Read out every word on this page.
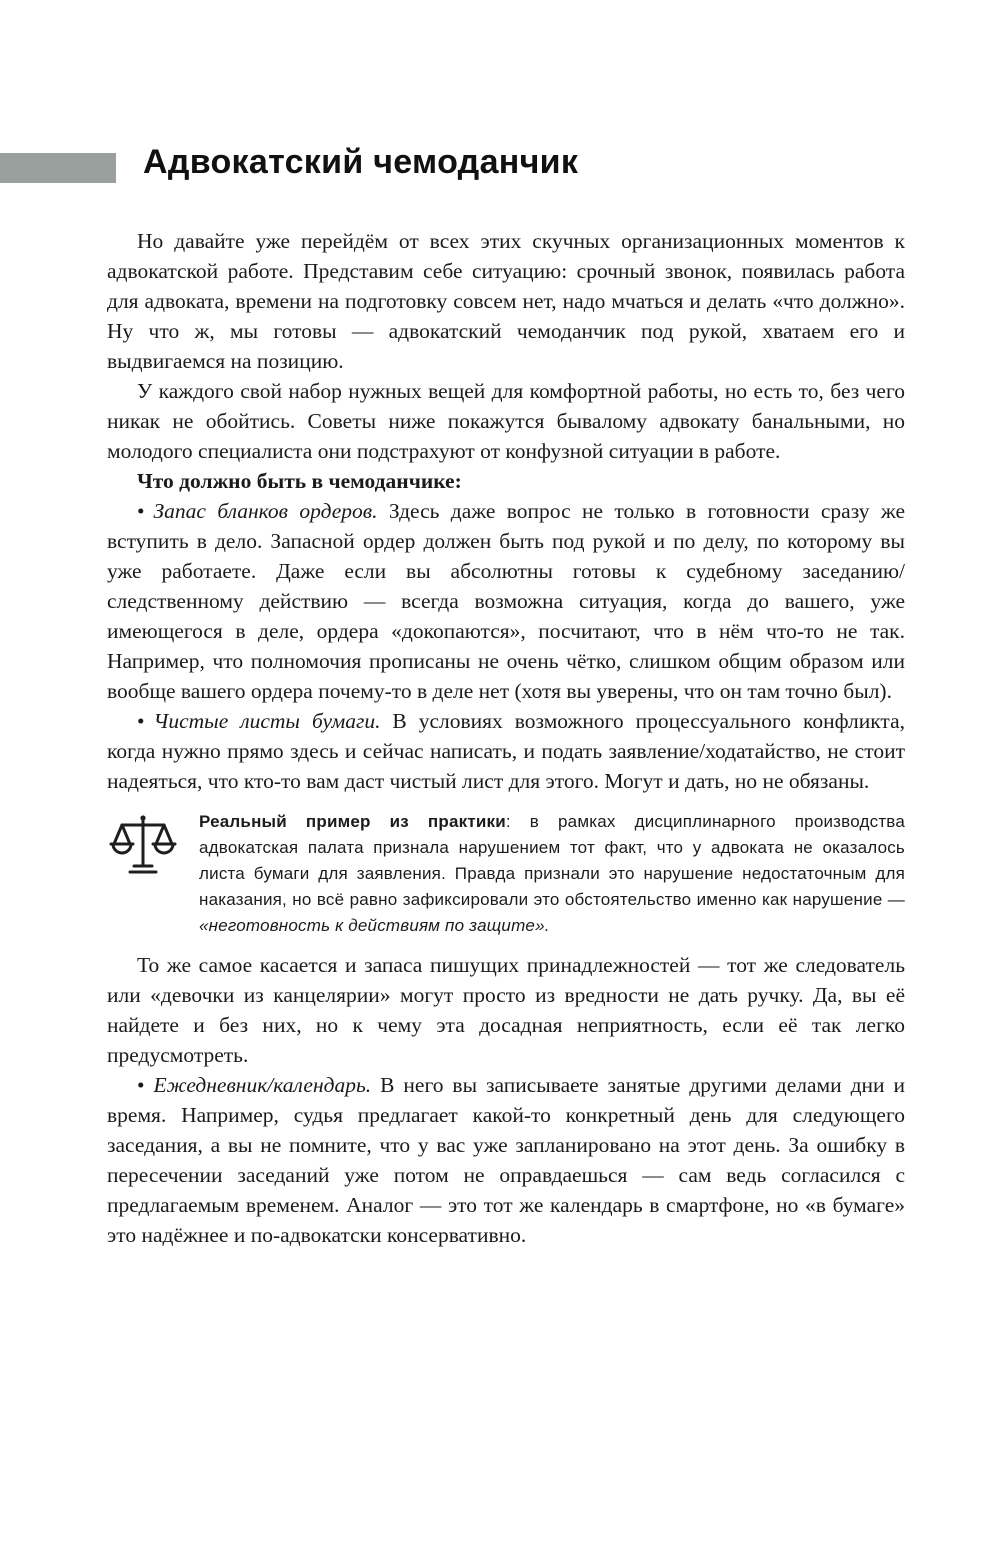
Адвокатский чемоданчик

Но давайте уже перейдём от всех этих скучных организационных моментов к адвокатской работе. Представим себе ситуацию: срочный звонок, появилась работа для адвоката, времени на подготовку совсем нет, надо мчаться и делать «что должно». Ну что ж, мы готовы — адвокатский чемоданчик под рукой, хватаем его и выдвигаемся на позицию.

У каждого свой набор нужных вещей для комфортной работы, но есть то, без чего никак не обойтись. Советы ниже покажутся бывалому адвокату банальными, но молодого специалиста они подстрахуют от конфузной ситуации в работе.

Что должно быть в чемоданчике:

• Запас бланков ордеров. Здесь даже вопрос не только в готовности сразу же вступить в дело. Запасной ордер должен быть под рукой и по делу, по которому вы уже работаете. Даже если вы абсолютны готовы к судебному заседанию/следственному действию — всегда возможна ситуация, когда до вашего, уже имеющегося в деле, ордера «докопаются», посчитают, что в нём что-то не так. Например, что полномочия прописаны не очень чётко, слишком общим образом или вообще вашего ордера почему-то в деле нет (хотя вы уверены, что он там точно был).

• Чистые листы бумаги. В условиях возможного процессуального конфликта, когда нужно прямо здесь и сейчас написать, и подать заявление/ходатайство, не стоит надеяться, что кто-то вам даст чистый лист для этого. Могут и дать, но не обязаны.

Реальный пример из практики: в рамках дисциплинарного производства адвокатская палата признала нарушением тот факт, что у адвоката не оказалось листа бумаги для заявления. Правда признали это нарушение недостаточным для наказания, но всё равно зафиксировали это обстоятельство именно как нарушение — «неготовность к действиям по защите».

То же самое касается и запаса пишущих принадлежностей — тот же следователь или «девочки из канцелярии» могут просто из вредности не дать ручку. Да, вы её найдете и без них, но к чему эта досадная неприятность, если её так легко предусмотреть.

• Ежедневник/календарь. В него вы записываете занятые другими делами дни и время. Например, судья предлагает какой-то конкретный день для следующего заседания, а вы не помните, что у вас уже запланировано на этот день. За ошибку в пересечении заседаний уже потом не оправдаешься — сам ведь согласился с предлагаемым временем. Аналог — это тот же календарь в смартфоне, но «в бумаге» это надёжнее и по-адвокатски консервативно.
